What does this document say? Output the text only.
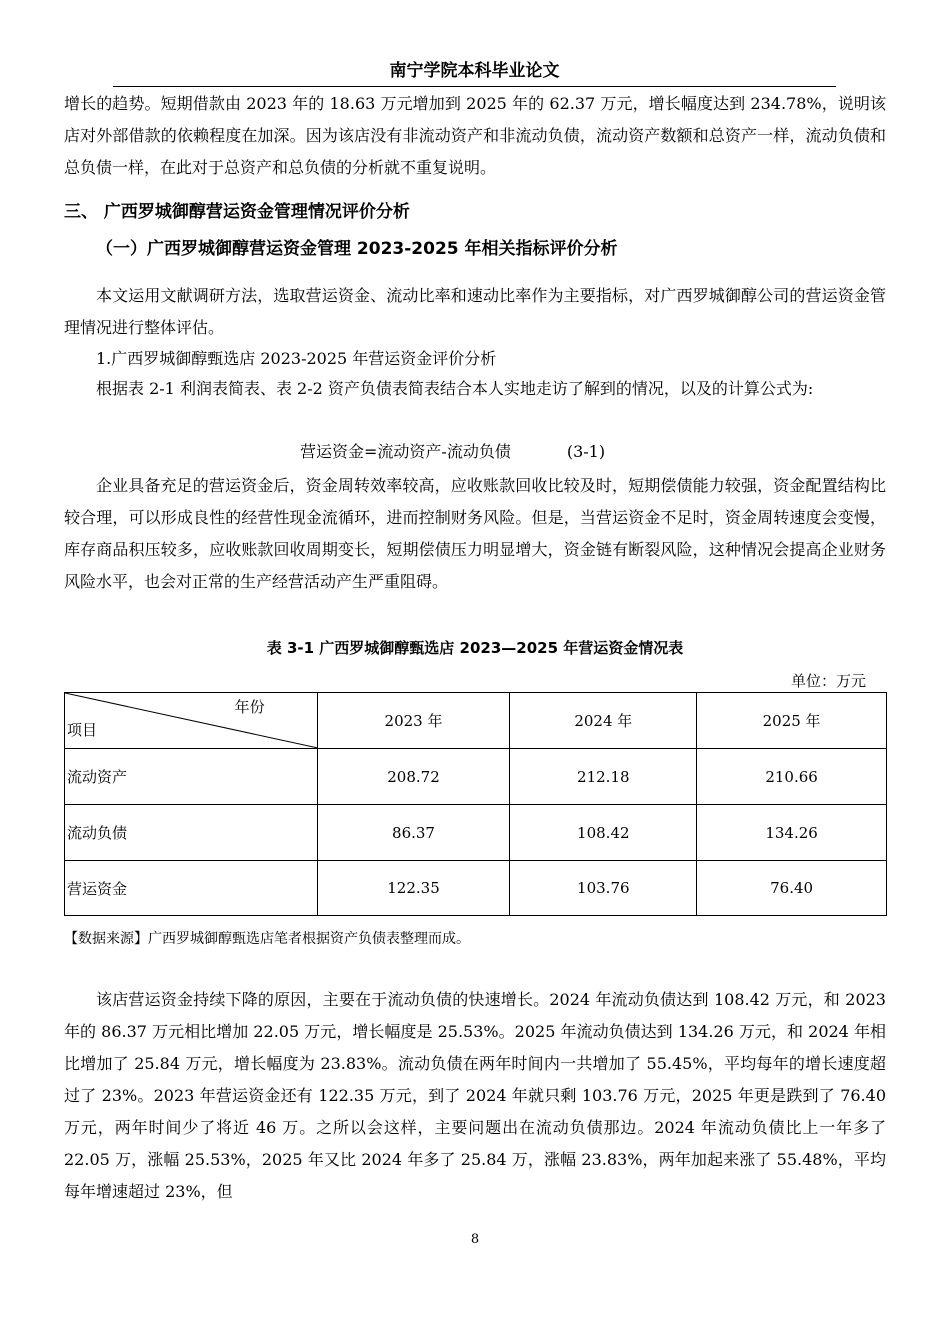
南宁学院本科毕业论文

增长的趋势。短期借款由 2023 年的 18.63 万元增加到 2025 年的 62.37 万元，增长幅度达到 234.78%，说明该店对外部借款的依赖程度在加深。因为该店没有非流动资产和非流动负债，流动资产数额和总资产一样，流动负债和总负债一样，在此对于总资产和总负债的分析就不重复说明。

三、 广西罗城御醇营运资金管理情况评价分析
（一）广西罗城御醇营运资金管理 2023-2025 年相关指标评价分析

本文运用文献调研方法，选取营运资金、流动比率和速动比率作为主要指标，对广西罗城御醇公司的营运资金管理情况进行整体评估。

1.广西罗城御醇甄选店 2023-2025 年营运资金评价分析

根据表 2-1 利润表简表、表 2-2 资产负债表简表结合本人实地走访了解到的情况，以及的计算公式为:

营运资金=流动资产-流动负债	(3-1)

企业具备充足的营运资金后，资金周转效率较高，应收账款回收比较及时，短期偿债能力较强，资金配置结构比较合理，可以形成良性的经营性现金流循环，进而控制财务风险。但是，当营运资金不足时，资金周转速度会变慢，库存商品积压较多，应收账款回收周期变长，短期偿债压力明显增大，资金链有断裂风险，这种情况会提高企业财务风险水平，也会对正常的生产经营活动产生严重阻碍。

表 3-1 广西罗城御醇甄选店 2023—2025 年营运资金情况表
单位：万元
年份
项目	2023 年	2024 年	2025 年
流动资产	208.72	212.18	210.66
流动负债	86.37	108.42	134.26
营运资金	122.35	103.76	76.40
【数据来源】广西罗城御醇甄选店笔者根据资产负债表整理而成。

该店营运资金持续下降的原因，主要在于流动负债的快速增长。2024 年流动负债达到 108.42 万元，和 2023 年的 86.37 万元相比增加 22.05 万元，增长幅度是 25.53%。2025 年流动负债达到 134.26 万元，和 2024 年相比增加了 25.84 万元，增长幅度为 23.83%。流动负债在两年时间内一共增加了 55.45%，平均每年的增长速度超过了 23%。2023 年营运资金还有 122.35 万元，到了 2024 年就只剩 103.76 万元，2025 年更是跌到了 76.40 万元，两年时间少了将近 46 万。之所以会这样，主要问题出在流动负债那边。2024 年流动负债比上一年多了 22.05 万，涨幅 25.53%，2025 年又比 2024 年多了 25.84 万，涨幅 23.83%，两年加起来涨了 55.48%，平均每年增速超过 23%，但

8
